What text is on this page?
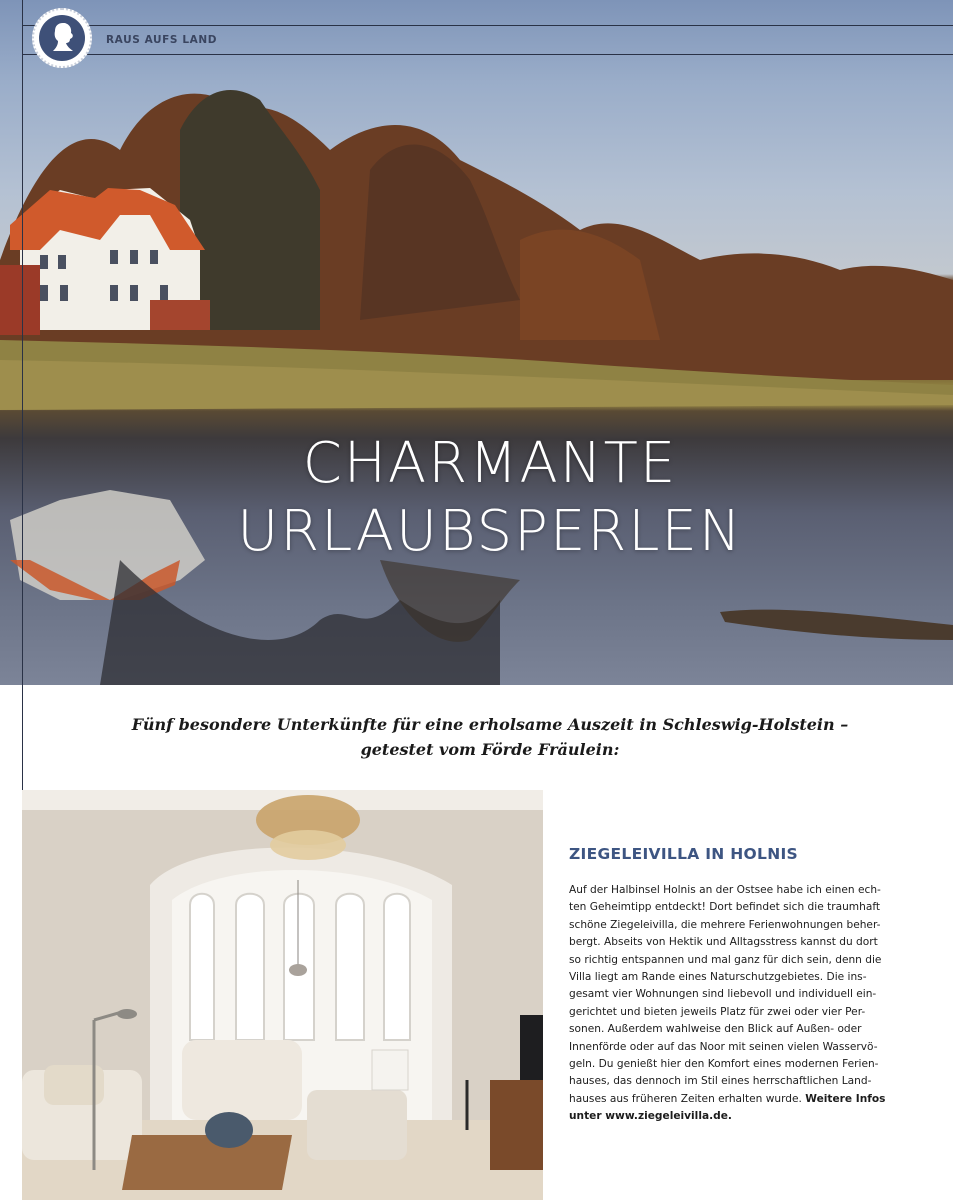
RAUS AUFS LAND
CHARMANTE
URLAUBSPERLEN
Fünf besondere Unterkünfte für eine erholsame Auszeit in Schleswig-Holstein –
getestet vom Förde Fräulein:
ZIEGELEIVILLA IN HOLNIS
Auf der Halbinsel Holnis an der Ostsee habe ich einen ech-
ten Geheimtipp entdeckt! Dort befindet sich die traumhaft
schöne Ziegeleivilla, die mehrere Ferienwohnungen beher-
bergt. Abseits von Hektik und Alltagsstress kannst du dort
so richtig entspannen und mal ganz für dich sein, denn die
Villa liegt am Rande eines Naturschutzgebietes. Die ins-
gesamt vier Wohnungen sind liebevoll und individuell ein-
gerichtet und bieten jeweils Platz für zwei oder vier Per-
sonen. Außerdem wahlweise den Blick auf Außen- oder
Innenförde oder auf das Noor mit seinen vielen Wasservö-
geln. Du genießt hier den Komfort eines modernen Ferien-
hauses, das dennoch im Stil eines herrschaftlichen Land-
hauses aus früheren Zeiten erhalten wurde. Weitere Infos
unter www.ziegeleivilla.de.
